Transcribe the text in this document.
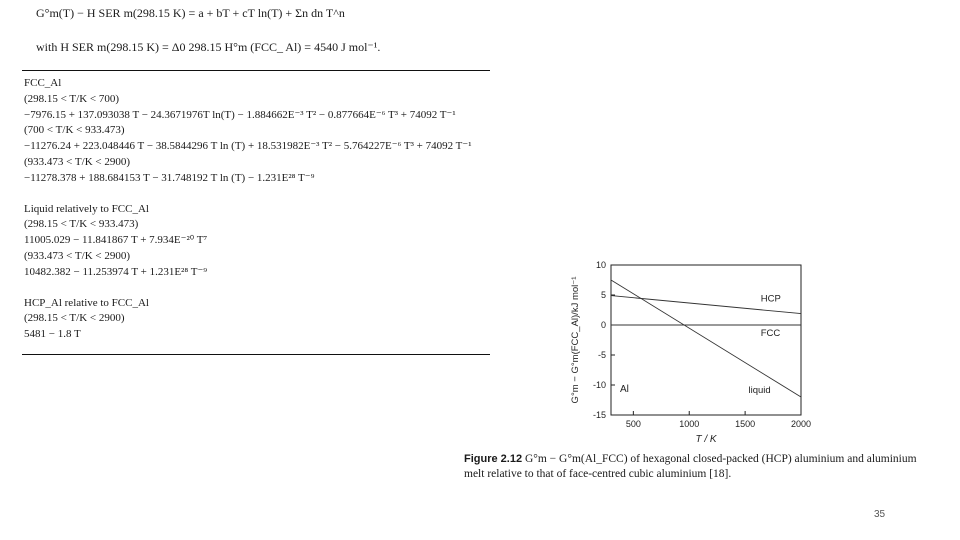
G°m(T) − H SER m(298.15 K) = a + bT + cT ln(T) + Σn dn T^n
with H SER m(298.15 K) = Δ0 298.15 H°m (FCC_ Al) = 4540 J mol⁻¹.
FCC_Al
(298.15 < T/K < 700)
−7976.15 + 137.093038 T − 24.3671976T ln(T) − 1.884662E⁻³ T² − 0.877664E⁻⁶ T³ + 74092 T⁻¹
(700 < T/K < 933.473)
−11276.24 + 223.048446 T − 38.5844296 T ln (T) + 18.531982E⁻³ T² − 5.764227E⁻⁶ T³ + 74092 T⁻¹
(933.473 < T/K < 2900)
−11278.378 + 188.684153 T − 31.748192 T ln (T) − 1.231E²⁸ T⁻⁹
Liquid relatively to FCC_Al
(298.15 < T/K < 933.473)
11005.029 − 11.841867 T + 7.934E⁻²⁰ T⁷
(933.473 < T/K < 2900)
10482.382 − 11.253974 T + 1.231E²⁸ T⁻⁹
HCP_Al relative to FCC_Al
(298.15 < T/K < 2900)
5481 − 1.8 T
500	1000	1500	2000
10
5
0
-5
-10
-15
HCP
FCC
liquid
Al
T / K
G°m − G°m(FCC_Al)/kJ mol⁻¹
Figure 2.12 G°m − G°m(Al_FCC) of hexagonal closed-packed (HCP) aluminium and aluminium melt relative to that of face-centred cubic aluminium [18].
35
